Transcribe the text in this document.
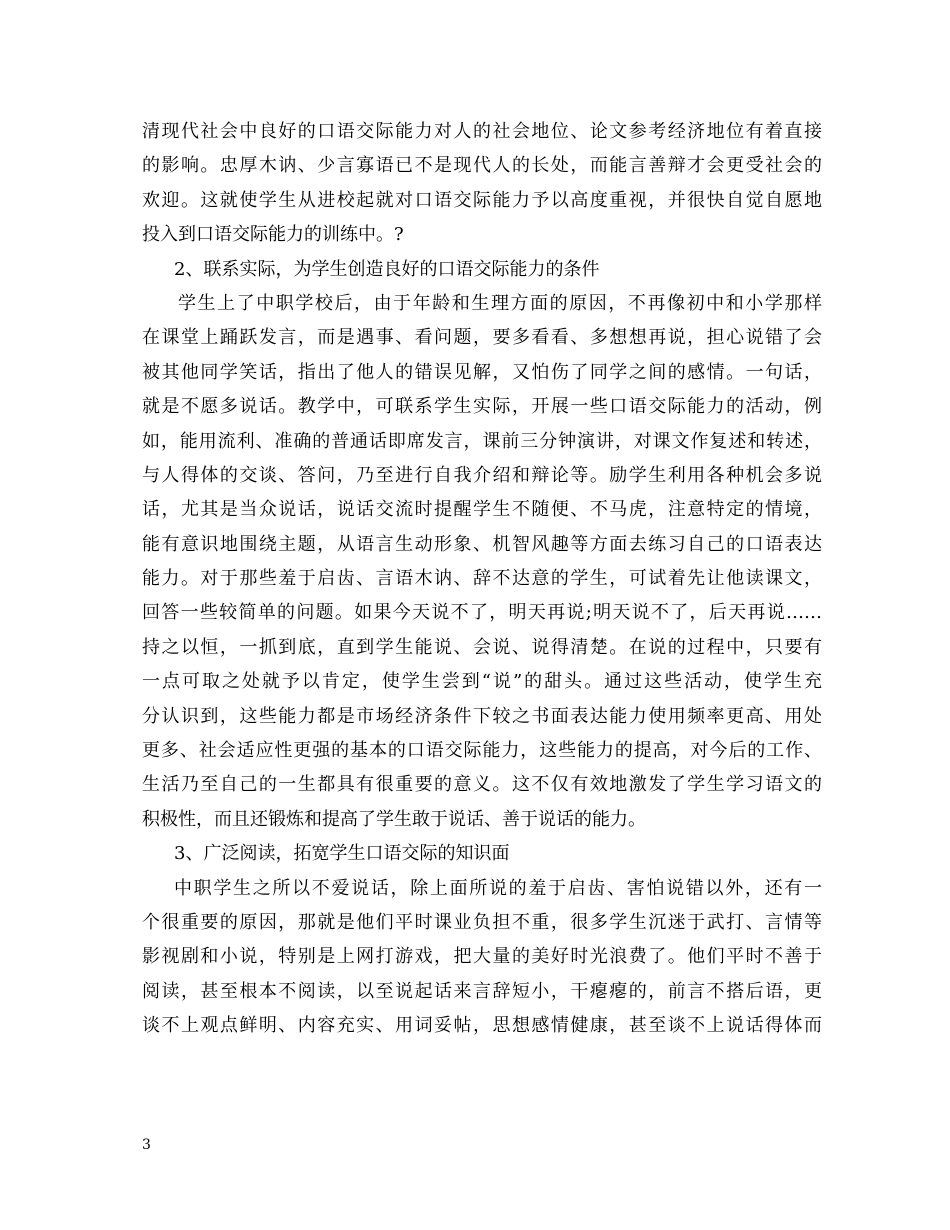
清现代社会中良好的口语交际能力对人的社会地位、论文参考经济地位有着直接
的影响。忠厚木讷、少言寡语已不是现代人的长处，而能言善辩才会更受社会的
欢迎。这就使学生从进校起就对口语交际能力予以高度重视，并很快自觉自愿地
投入到口语交际能力的训练中。?
2、联系实际，为学生创造良好的口语交际能力的条件
学生上了中职学校后，由于年龄和生理方面的原因，不再像初中和小学那样
在课堂上踊跃发言，而是遇事、看问题，要多看看、多想想再说，担心说错了会
被其他同学笑话，指出了他人的错误见解，又怕伤了同学之间的感情。一句话，
就是不愿多说话。教学中，可联系学生实际，开展一些口语交际能力的活动，例
如，能用流利、准确的普通话即席发言，课前三分钟演讲，对课文作复述和转述，
与人得体的交谈、答问，乃至进行自我介绍和辩论等。励学生利用各种机会多说
话，尤其是当众说话，说话交流时提醒学生不随便、不马虎，注意特定的情境，
能有意识地围绕主题，从语言生动形象、机智风趣等方面去练习自己的口语表达
能力。对于那些羞于启齿、言语木讷、辞不达意的学生，可试着先让他读课文，
回答一些较简单的问题。如果今天说不了，明天再说;明天说不了，后天再说……
持之以恒，一抓到底，直到学生能说、会说、说得清楚。在说的过程中，只要有
一点可取之处就予以肯定，使学生尝到“说”的甜头。通过这些活动，使学生充
分认识到，这些能力都是市场经济条件下较之书面表达能力使用频率更高、用处
更多、社会适应性更强的基本的口语交际能力，这些能力的提高，对今后的工作、
生活乃至自己的一生都具有很重要的意义。这不仅有效地激发了学生学习语文的
积极性，而且还锻炼和提高了学生敢于说话、善于说话的能力。
3、广泛阅读，拓宽学生口语交际的知识面
中职学生之所以不爱说话，除上面所说的羞于启齿、害怕说错以外，还有一
个很重要的原因，那就是他们平时课业负担不重，很多学生沉迷于武打、言情等
影视剧和小说，特别是上网打游戏，把大量的美好时光浪费了。他们平时不善于
阅读，甚至根本不阅读，以至说起话来言辞短小，干瘪瘪的，前言不搭后语，更
谈不上观点鲜明、内容充实、用词妥帖，思想感情健康，甚至谈不上说话得体而
3
